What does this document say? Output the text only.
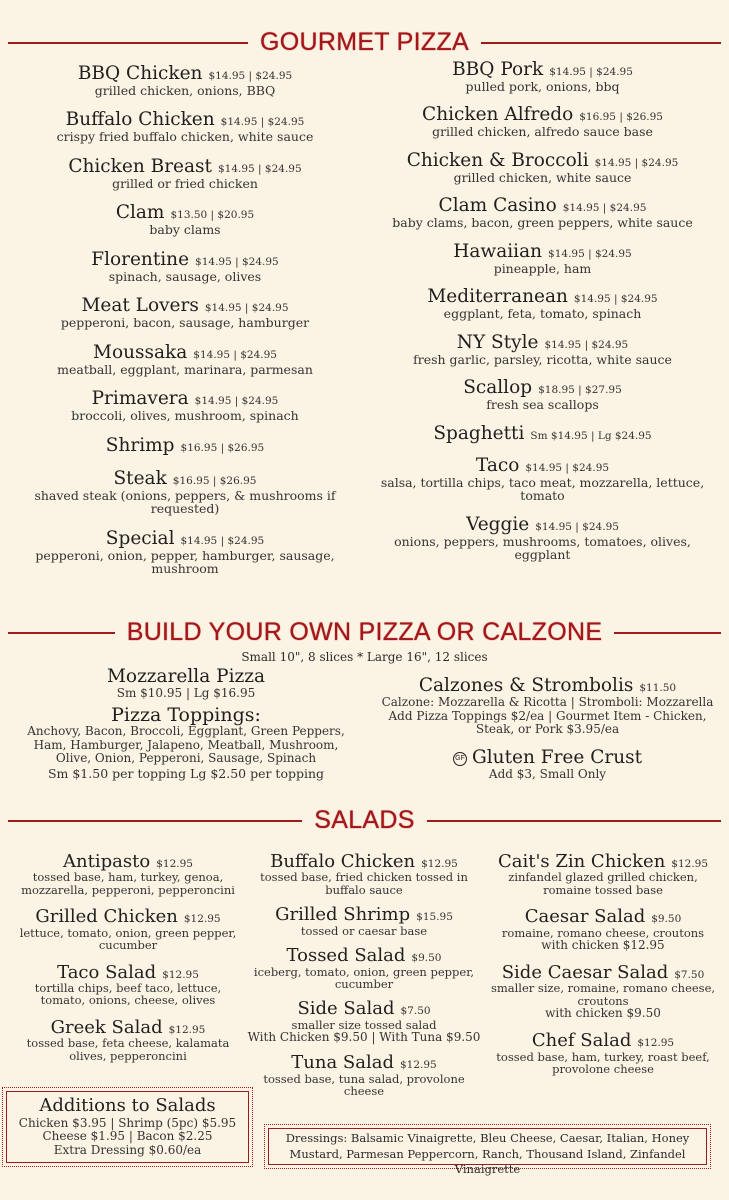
GOURMET PIZZA
BBQ Chicken $14.95 | $24.95
grilled chicken, onions, BBQ
Buffalo Chicken $14.95 | $24.95
crispy fried buffalo chicken, white sauce
Chicken Breast $14.95 | $24.95
grilled or fried chicken
Clam $13.50 | $20.95
baby clams
Florentine $14.95 | $24.95
spinach, sausage, olives
Meat Lovers $14.95 | $24.95
pepperoni, bacon, sausage, hamburger
Moussaka $14.95 | $24.95
meatball, eggplant, marinara, parmesan
Primavera $14.95 | $24.95
broccoli, olives, mushroom, spinach
Shrimp $16.95 | $26.95
Steak $16.95 | $26.95
shaved steak (onions, peppers, & mushrooms if requested)
Special $14.95 | $24.95
pepperoni, onion, pepper, hamburger, sausage, mushroom
BBQ Pork $14.95 | $24.95
pulled pork, onions, bbq
Chicken Alfredo $16.95 | $26.95
grilled chicken, alfredo sauce base
Chicken & Broccoli $14.95 | $24.95
grilled chicken, white sauce
Clam Casino $14.95 | $24.95
baby clams, bacon, green peppers, white sauce
Hawaiian $14.95 | $24.95
pineapple, ham
Mediterranean $14.95 | $24.95
eggplant, feta, tomato, spinach
NY Style $14.95 | $24.95
fresh garlic, parsley, ricotta, white sauce
Scallop $18.95 | $27.95
fresh sea scallops
Spaghetti Sm $14.95 | Lg $24.95
Taco $14.95 | $24.95
salsa, tortilla chips, taco meat, mozzarella, lettuce, tomato
Veggie $14.95 | $24.95
onions, peppers, mushrooms, tomatoes, olives, eggplant
BUILD YOUR OWN PIZZA OR CALZONE
Small 10", 8 slices * Large 16", 12 slices
Mozzarella Pizza
Sm $10.95 | Lg $16.95
Pizza Toppings:
Anchovy, Bacon, Broccoli, Eggplant, Green Peppers, Ham, Hamburger, Jalapeno, Meatball, Mushroom, Olive, Onion, Pepperoni, Sausage, Spinach
Sm $1.50 per topping Lg $2.50 per topping
Calzones & Strombolis $11.50
Calzone: Mozzarella & Ricotta | Stromboli: Mozzarella Add Pizza Toppings $2/ea | Gourmet Item - Chicken, Steak, or Pork $3.95/ea
GF Gluten Free Crust
Add $3, Small Only
SALADS
Antipasto $12.95
tossed base, ham, turkey, genoa, mozzarella, pepperoni, pepperoncini
Grilled Chicken $12.95
lettuce, tomato, onion, green pepper, cucumber
Taco Salad $12.95
tortilla chips, beef taco, lettuce, tomato, onions, cheese, olives
Greek Salad $12.95
tossed base, feta cheese, kalamata olives, pepperoncini
Buffalo Chicken $12.95
tossed base, fried chicken tossed in buffalo sauce
Grilled Shrimp $15.95
tossed or caesar base
Tossed Salad $9.50
iceberg, tomato, onion, green pepper, cucumber
Side Salad $7.50
smaller size tossed salad
With Chicken $9.50 | With Tuna $9.50
Tuna Salad $12.95
tossed base, tuna salad, provolone cheese
Cait's Zin Chicken $12.95
zinfandel glazed grilled chicken, romaine tossed base
Caesar Salad $9.50
romaine, romano cheese, croutons
with chicken $12.95
Side Caesar Salad $7.50
smaller size, romaine, romano cheese, croutons
with chicken $9.50
Chef Salad $12.95
tossed base, ham, turkey, roast beef, provolone cheese
Additions to Salads
Chicken $3.95 | Shrimp (5pc) $5.95
Cheese $1.95 | Bacon $2.25
Extra Dressing $0.60/ea
Dressings: Balsamic Vinaigrette, Bleu Cheese, Caesar, Italian, Honey Mustard, Parmesan Peppercorn, Ranch, Thousand Island, Zinfandel Vinaigrette
